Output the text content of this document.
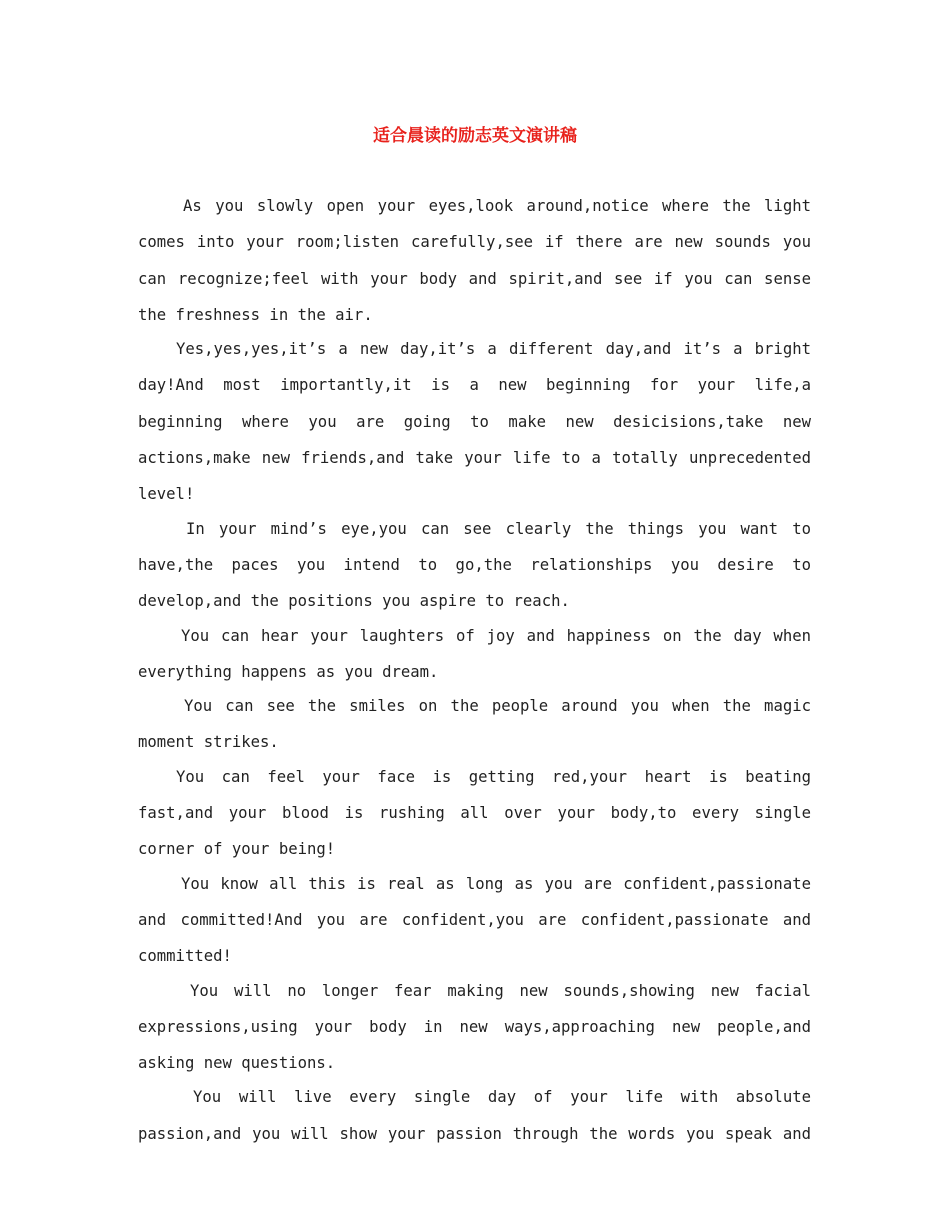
适合晨读的励志英文演讲稿

As you slowly open your eyes,look around,notice where the light comes into your room;listen carefully,see if there are new sounds you can recognize;feel with your body and spirit,and see if you can sense the freshness in the air.

Yes,yes,yes,it’s a new day,it’s a different day,and it’s a bright day!And most importantly,it is a new beginning for your life,a beginning where you are going to make new desicisions,take new actions,make new friends,and take your life to a totally unprecedented level!

In your mind’s eye,you can see clearly the things you want to have,the paces you intend to go,the relationships you desire to develop,and the positions you aspire to reach.

You can hear your laughters of joy and happiness on the day when everything happens as you dream.

You can see the smiles on the people around you when the magic moment strikes.

You can feel your face is getting red,your heart is beating fast,and your blood is rushing all over your body,to every single corner of your being!

You know all this is real as long as you are confident,passionate and committed!And you are confident,you are confident,passionate and committed!

You will no longer fear making new sounds,showing new facial expressions,using your body in new ways,approaching new people,and asking new questions.

You will live every single day of your life with absolute passion,and you will show your passion through the words you speak and
